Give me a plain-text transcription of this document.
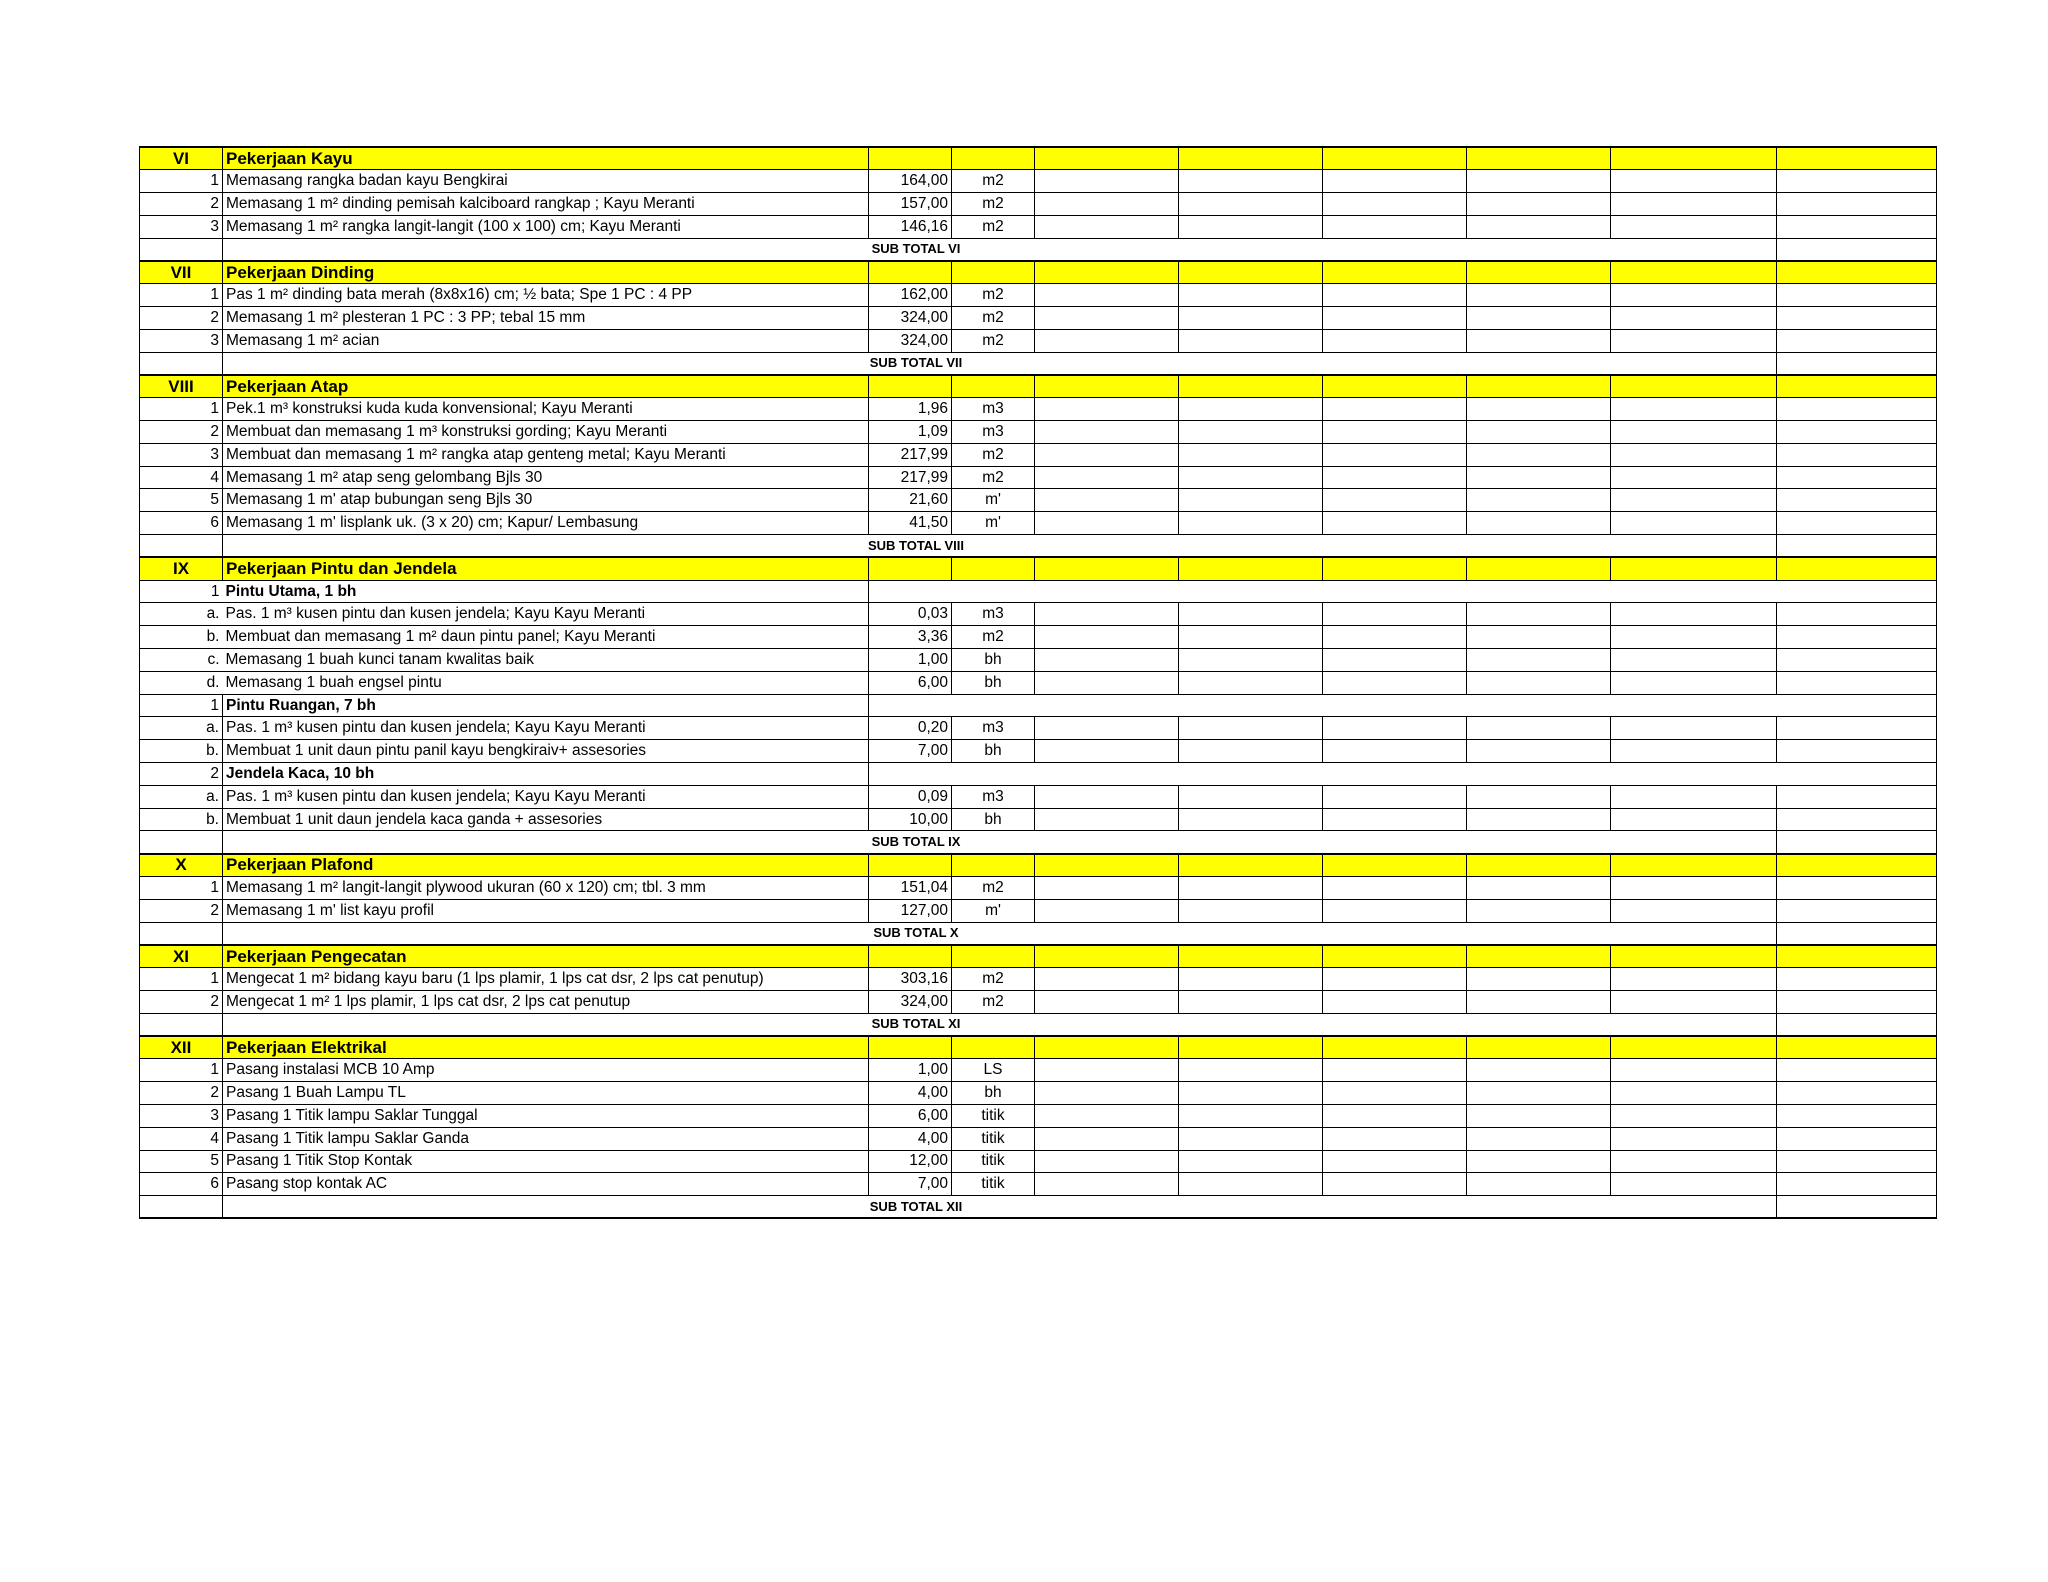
VI	Pekerjaan Kayu								
1	Memasang rangka badan kayu Bengkirai	164,00	m2						
2	Memasang 1 m² dinding pemisah kalciboard rangkap ; Kayu Meranti	157,00	m2						
3	Memasang 1 m² rangka langit-langit (100 x 100) cm; Kayu Meranti	146,16	m2						
	SUB TOTAL VI								
VII	Pekerjaan Dinding								
1	Pas 1 m² dinding bata merah (8x8x16) cm; ½ bata; Spe 1 PC : 4 PP	162,00	m2						
2	Memasang 1 m² plesteran 1 PC : 3 PP; tebal 15 mm	324,00	m2						
3	Memasang 1 m² acian	324,00	m2						
	SUB TOTAL VII								
VIII	Pekerjaan Atap								
1	Pek.1 m³ konstruksi kuda kuda konvensional; Kayu Meranti	1,96	m3						
2	Membuat dan memasang 1 m³ konstruksi gording; Kayu Meranti	1,09	m3						
3	Membuat dan memasang 1 m² rangka atap genteng metal; Kayu Meranti	217,99	m2						
4	Memasang 1 m² atap seng gelombang Bjls 30	217,99	m2						
5	Memasang 1 m' atap bubungan seng Bjls 30	21,60	m'						
6	Memasang 1 m' lisplank uk. (3 x 20) cm; Kapur/ Lembasung	41,50	m'						
	SUB TOTAL VIII								
IX	Pekerjaan Pintu dan Jendela								
1	Pintu Utama, 1 bh								
a.	Pas. 1 m³ kusen pintu dan kusen jendela; Kayu Kayu Meranti	0,03	m3						
b.	Membuat dan memasang 1 m² daun pintu panel; Kayu Meranti	3,36	m2						
c.	Memasang 1 buah kunci tanam kwalitas baik	1,00	bh						
d.	Memasang 1 buah engsel pintu	6,00	bh						
1	Pintu Ruangan, 7 bh								
a.	Pas. 1 m³ kusen pintu dan kusen jendela; Kayu Kayu Meranti	0,20	m3						
b.	Membuat 1 unit daun pintu panil kayu bengkiraiv+ assesories	7,00	bh						
2	Jendela Kaca, 10 bh								
a.	Pas. 1 m³ kusen pintu dan kusen jendela; Kayu Kayu Meranti	0,09	m3						
b.	Membuat 1 unit daun jendela kaca ganda + assesories	10,00	bh						
	SUB TOTAL IX								
X	Pekerjaan Plafond								
1	Memasang 1 m² langit-langit plywood ukuran (60 x 120) cm; tbl. 3 mm	151,04	m2						
2	Memasang 1 m' list kayu profil	127,00	m'						
	SUB TOTAL X								
XI	Pekerjaan Pengecatan								
1	Mengecat 1 m² bidang kayu baru (1 lps plamir, 1 lps cat dsr, 2 lps cat penutup)	303,16	m2						
2	Mengecat 1 m² 1 lps plamir, 1 lps cat dsr, 2 lps cat penutup	324,00	m2						
	SUB TOTAL XI								
XII	Pekerjaan Elektrikal								
1	Pasang instalasi MCB 10 Amp	1,00	LS						
2	Pasang 1 Buah Lampu TL	4,00	bh						
3	Pasang 1 Titik lampu Saklar Tunggal	6,00	titik						
4	Pasang 1 Titik lampu Saklar Ganda	4,00	titik						
5	Pasang 1 Titik Stop Kontak	12,00	titik						
6	Pasang stop kontak AC	7,00	titik						
	SUB TOTAL XII								
